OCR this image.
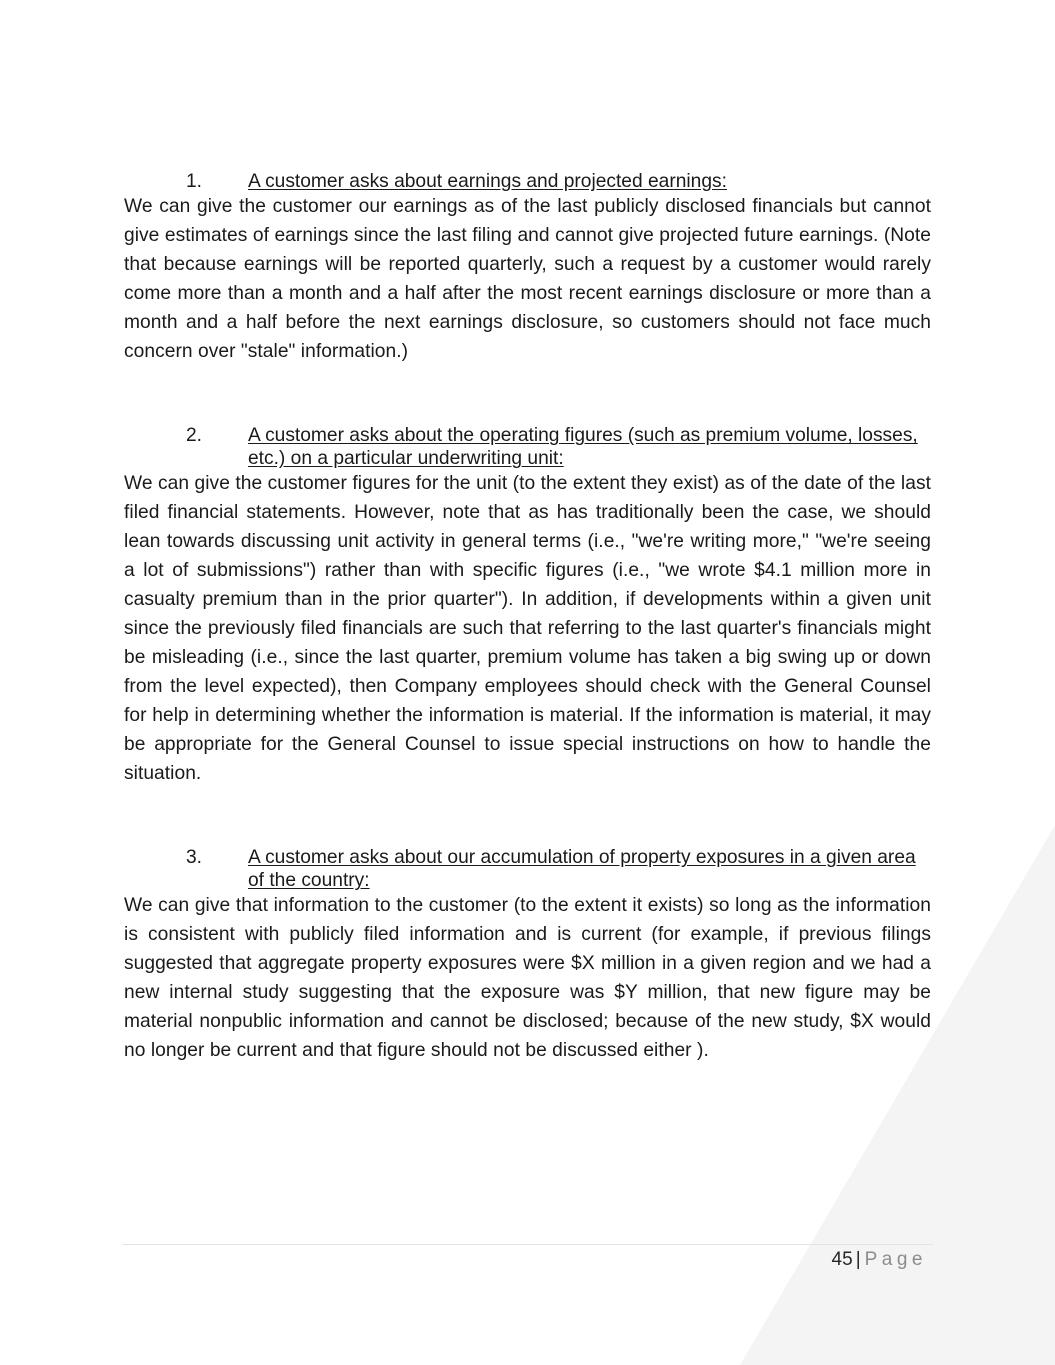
1.	A customer asks about earnings and projected earnings:

We can give the customer our earnings as of the last publicly disclosed financials but cannot give estimates of earnings since the last filing and cannot give projected future earnings. (Note that because earnings will be reported quarterly, such a request by a customer would rarely come more than a month and a half after the most recent earnings disclosure or more than a month and a half before the next earnings disclosure, so customers should not face much concern over "stale" information.)

2.	A customer asks about the operating figures (such as premium volume, losses, etc.) on a particular underwriting unit:

We can give the customer figures for the unit (to the extent they exist) as of the date of the last filed financial statements. However, note that as has traditionally been the case, we should lean towards discussing unit activity in general terms (i.e., "we're writing more," "we're seeing a lot of submissions") rather than with specific figures (i.e., "we wrote $4.1 million more in casualty premium than in the prior quarter"). In addition, if developments within a given unit since the previously filed financials are such that referring to the last quarter's financials might be misleading (i.e., since the last quarter, premium volume has taken a big swing up or down from the level expected), then Company employees should check with the General Counsel for help in determining whether the information is material. If the information is material, it may be appropriate for the General Counsel to issue special instructions on how to handle the situation.

3.	A customer asks about our accumulation of property exposures in a given area of the country:

We can give that information to the customer (to the extent it exists) so long as the information is consistent with publicly filed information and is current (for example, if previous filings suggested that aggregate property exposures were $X million in a given region and we had a new internal study suggesting that the exposure was $Y million, that new figure may be material nonpublic information and cannot be disclosed; because of the new study, $X would no longer be current and that figure should not be discussed either ).

45 | Page
